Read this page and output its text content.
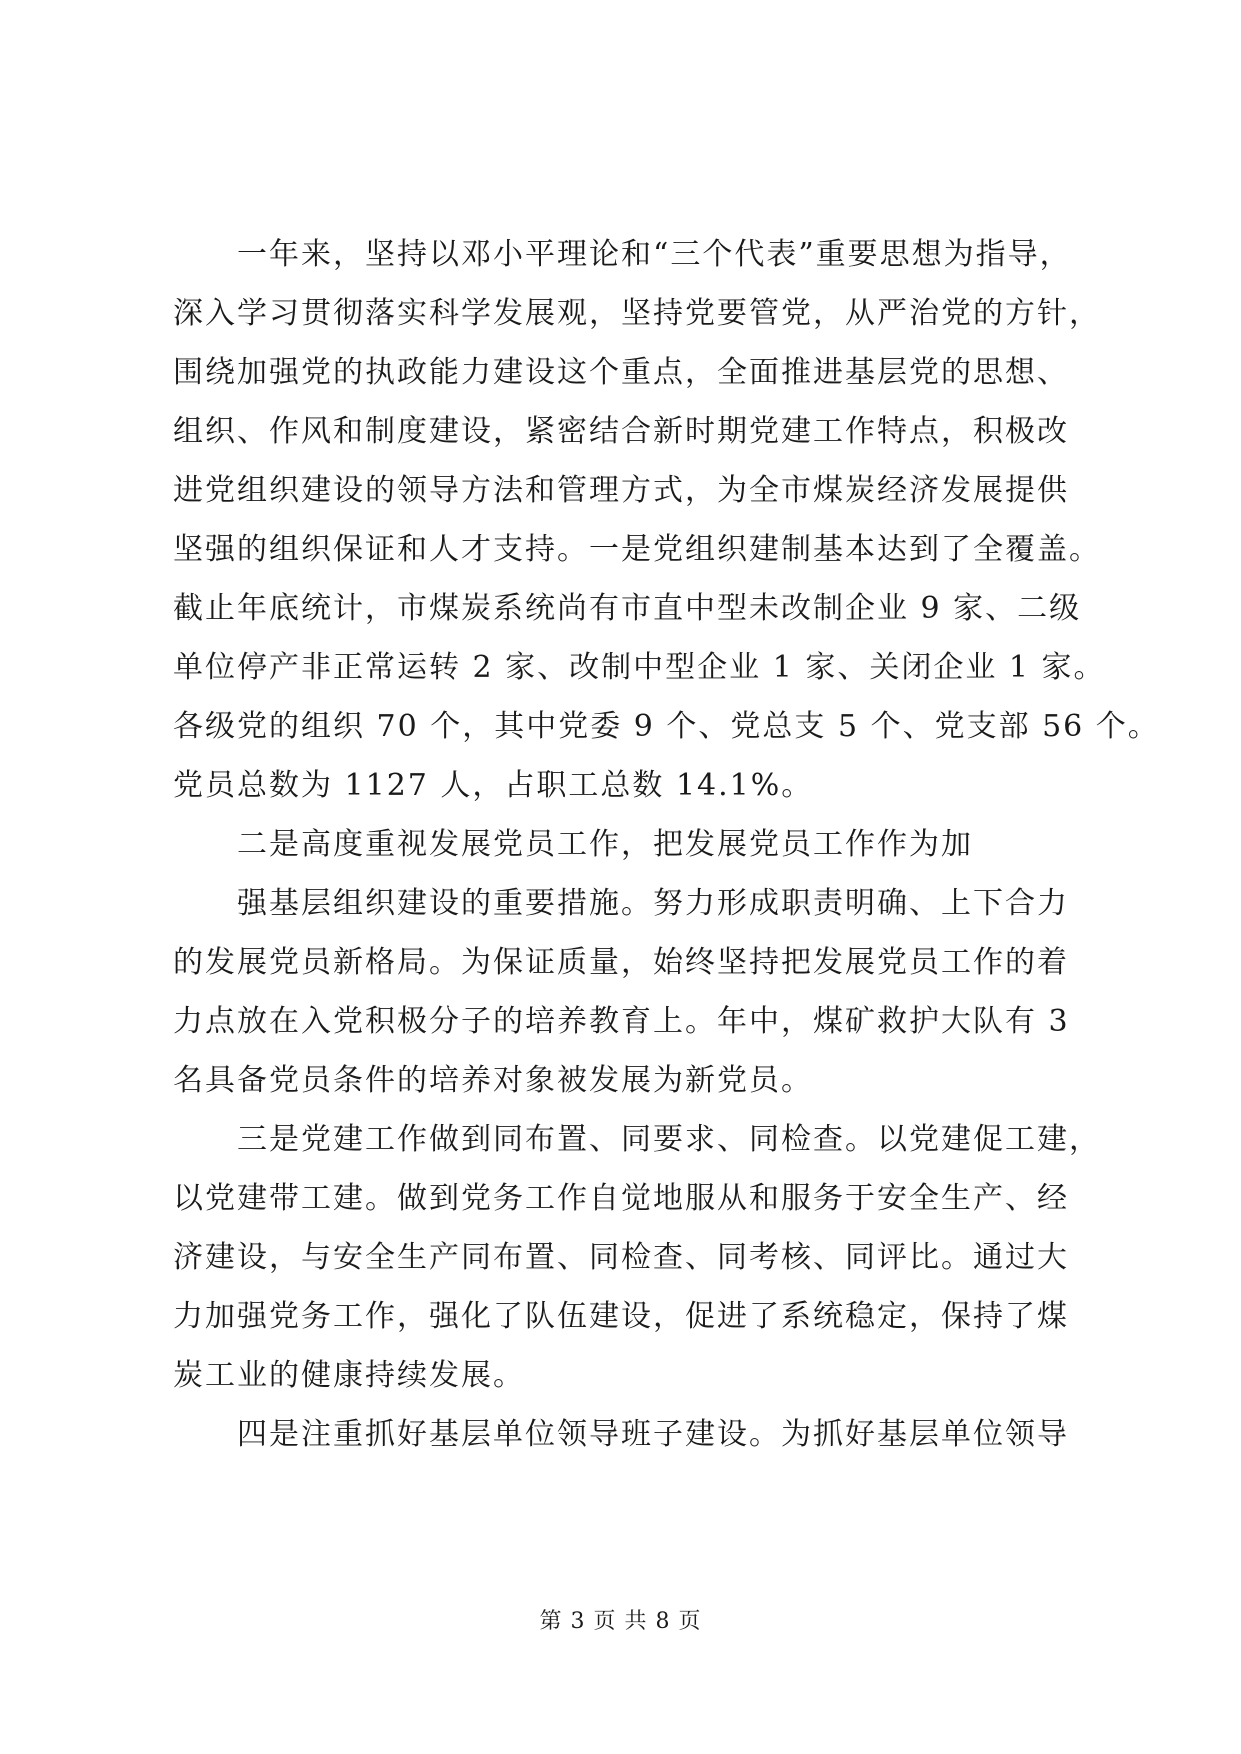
一年来，坚持以邓小平理论和“三个代表”重要思想为指导，
深入学习贯彻落实科学发展观，坚持党要管党，从严治党的方针，
围绕加强党的执政能力建设这个重点，全面推进基层党的思想、
组织、作风和制度建设，紧密结合新时期党建工作特点，积极改
进党组织建设的领导方法和管理方式，为全市煤炭经济发展提供
坚强的组织保证和人才支持。一是党组织建制基本达到了全覆盖。
截止年底统计，市煤炭系统尚有市直中型未改制企业 9 家、二级
单位停产非正常运转 2 家、改制中型企业 1 家、关闭企业 1 家。
各级党的组织 70 个，其中党委 9 个、党总支 5 个、党支部 56 个。
党员总数为 1127 人，占职工总数 14.1%。
二是高度重视发展党员工作，把发展党员工作作为加
强基层组织建设的重要措施。努力形成职责明确、上下合力
的发展党员新格局。为保证质量，始终坚持把发展党员工作的着
力点放在入党积极分子的培养教育上。年中，煤矿救护大队有 3
名具备党员条件的培养对象被发展为新党员。
三是党建工作做到同布置、同要求、同检查。以党建促工建，
以党建带工建。做到党务工作自觉地服从和服务于安全生产、经
济建设，与安全生产同布置、同检查、同考核、同评比。通过大
力加强党务工作，强化了队伍建设，促进了系统稳定，保持了煤
炭工业的健康持续发展。
四是注重抓好基层单位领导班子建设。为抓好基层单位领导
第 3 页 共 8 页
